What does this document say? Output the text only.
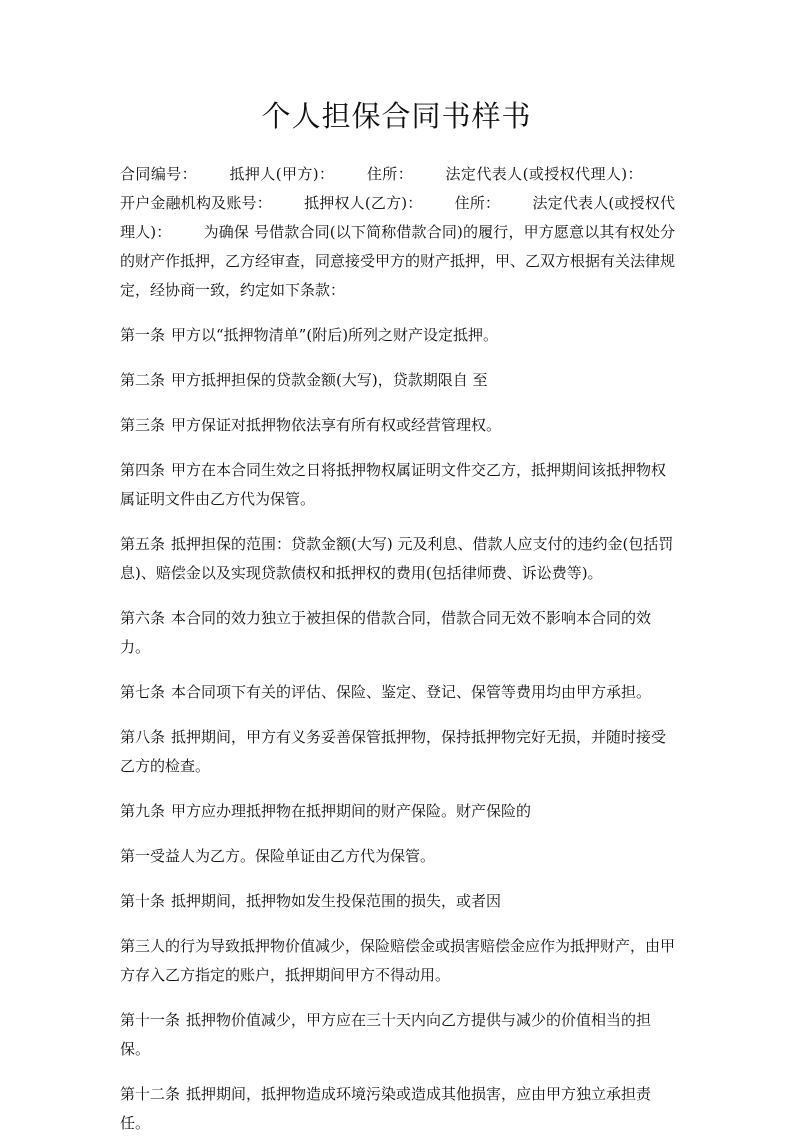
个人担保合同书样书

合同编号： 抵押人(甲方)： 住所： 法定代表人(或授权代理人)：开户金融机构及账号： 抵押权人(乙方)： 住所： 法定代表人(或授权代理人)： 为确保 号借款合同(以下简称借款合同)的履行，甲方愿意以其有权处分的财产作抵押，乙方经审查，同意接受甲方的财产抵押，甲、乙双方根据有关法律规定，经协商一致，约定如下条款：

第一条 甲方以“抵押物清单”(附后)所列之财产设定抵押。

第二条 甲方抵押担保的贷款金额(大写)，贷款期限自 至

第三条 甲方保证对抵押物依法享有所有权或经营管理权。

第四条 甲方在本合同生效之日将抵押物权属证明文件交乙方，抵押期间该抵押物权属证明文件由乙方代为保管。

第五条 抵押担保的范围：贷款金额(大写) 元及利息、借款人应支付的违约金(包括罚息)、赔偿金以及实现贷款债权和抵押权的费用(包括律师费、诉讼费等)。

第六条 本合同的效力独立于被担保的借款合同，借款合同无效不影响本合同的效力。

第七条 本合同项下有关的评估、保险、鉴定、登记、保管等费用均由甲方承担。

第八条 抵押期间，甲方有义务妥善保管抵押物，保持抵押物完好无损，并随时接受乙方的检查。

第九条 甲方应办理抵押物在抵押期间的财产保险。财产保险的

第一受益人为乙方。保险单证由乙方代为保管。

第十条 抵押期间，抵押物如发生投保范围的损失，或者因

第三人的行为导致抵押物价值减少，保险赔偿金或损害赔偿金应作为抵押财产，由甲方存入乙方指定的账户，抵押期间甲方不得动用。

第十一条 抵押物价值减少，甲方应在三十天内向乙方提供与减少的价值相当的担保。

第十二条 抵押期间，抵押物造成环境污染或造成其他损害，应由甲方独立承担责任。
